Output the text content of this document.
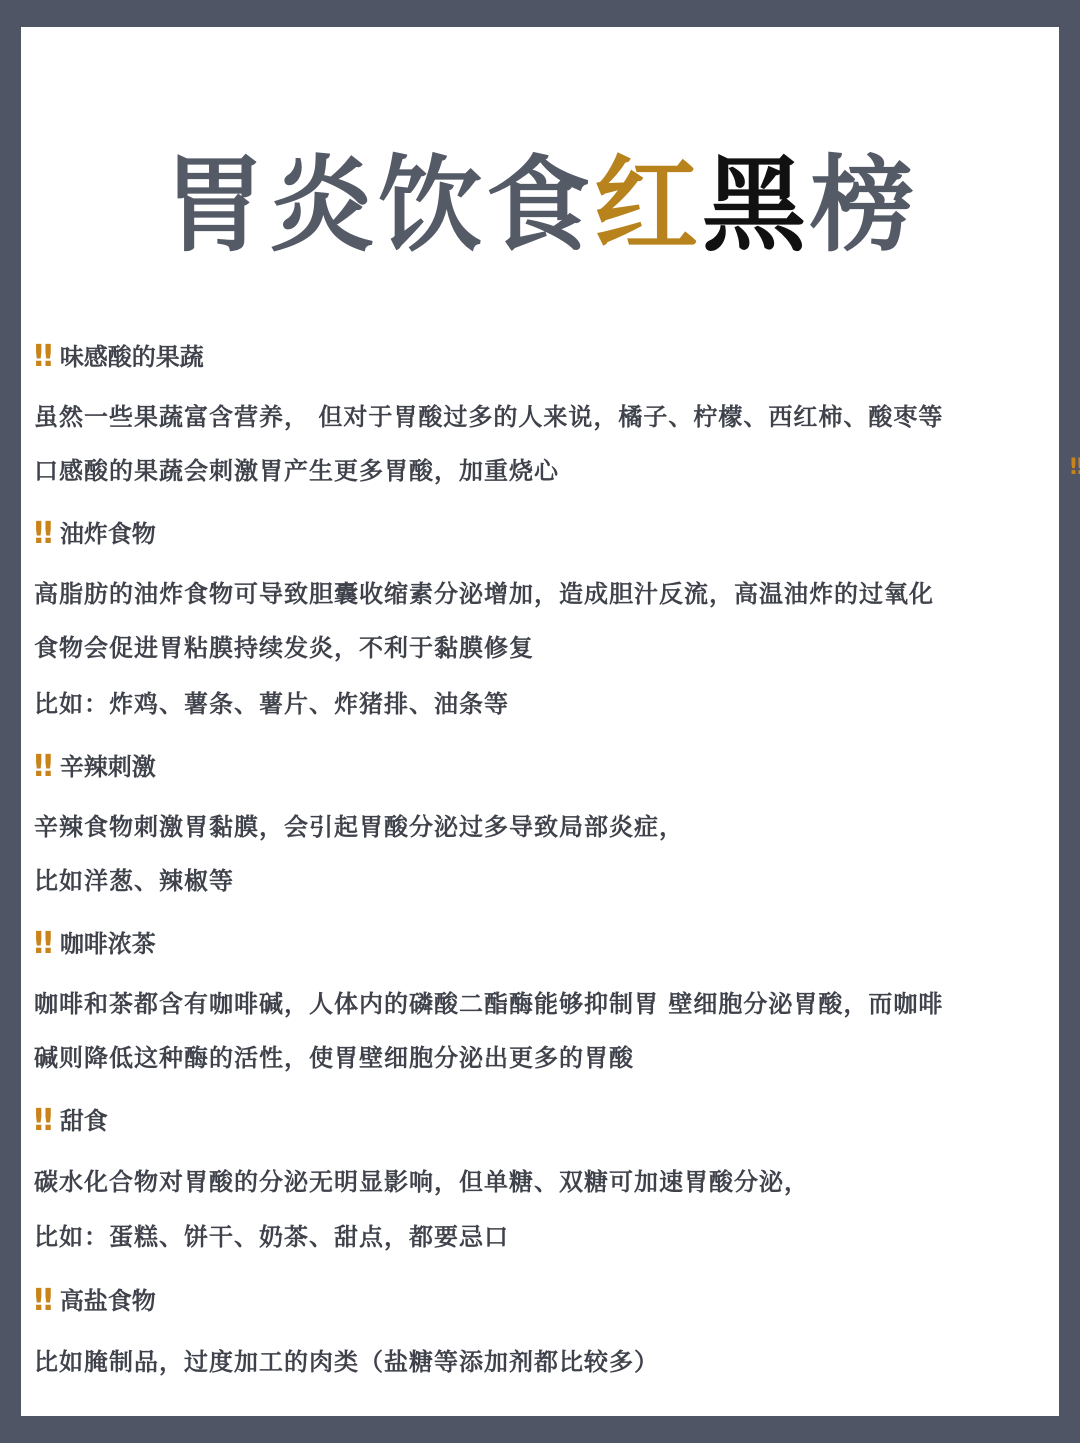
胃炎饮食红黑榜
‼ 味感酸的果蔬
虽然一些果蔬富含营养， 但对于胃酸过多的人来说，橘子、柠檬、西红柿、酸枣等
口感酸的果蔬会刺激胃产生更多胃酸，加重烧心	‼
‼ 油炸食物
高脂肪的油炸食物可导致胆囊收缩素分泌增加，造成胆汁反流，高温油炸的过氧化
食物会促进胃粘膜持续发炎，不利于黏膜修复
比如：炸鸡、薯条、薯片、炸猪排、油条等
‼ 辛辣刺激
辛辣食物刺激胃黏膜，会引起胃酸分泌过多导致局部炎症，
比如洋葱、辣椒等
‼ 咖啡浓茶
咖啡和茶都含有咖啡碱，人体内的磷酸二酯酶能够抑制胃 壁细胞分泌胃酸，而咖啡
碱则降低这种酶的活性，使胃壁细胞分泌出更多的胃酸
‼ 甜食
碳水化合物对胃酸的分泌无明显影响，但单糖、双糖可加速胃酸分泌，
比如：蛋糕、饼干、奶茶、甜点，都要忌口
‼ 高盐食物
比如腌制品，过度加工的肉类（盐糖等添加剂都比较多）
